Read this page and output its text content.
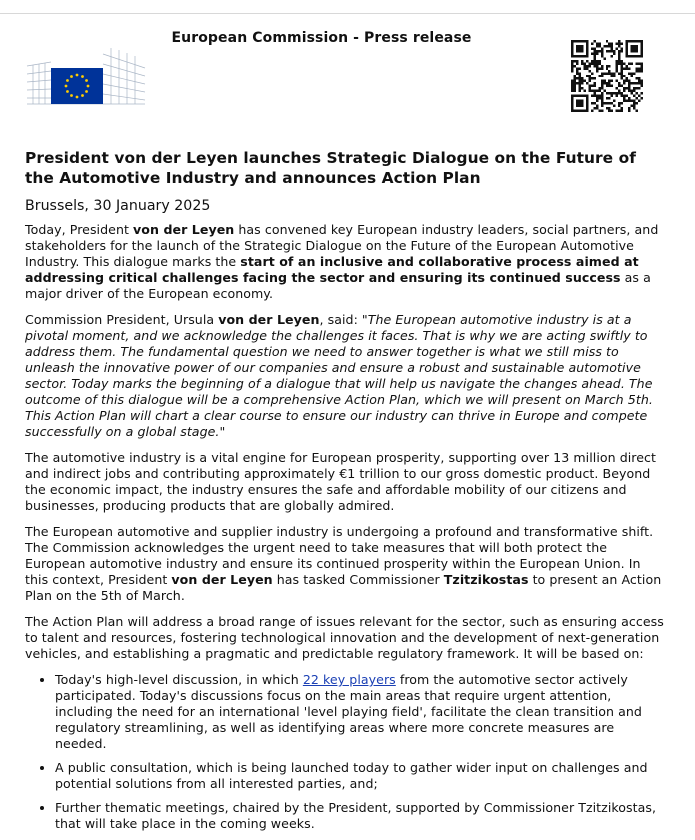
European Commission - Press release
President von der Leyen launches Strategic Dialogue on the Future of the Automotive Industry and announces Action Plan
Brussels, 30 January 2025

Today, President von der Leyen has convened key European industry leaders, social partners, and stakeholders for the launch of the Strategic Dialogue on the Future of the European Automotive Industry. This dialogue marks the start of an inclusive and collaborative process aimed at addressing critical challenges facing the sector and ensuring its continued success as a major driver of the European economy.

Commission President, Ursula von der Leyen, said: "The European automotive industry is at a pivotal moment, and we acknowledge the challenges it faces. That is why we are acting swiftly to address them. The fundamental question we need to answer together is what we still miss to unleash the innovative power of our companies and ensure a robust and sustainable automotive sector. Today marks the beginning of a dialogue that will help us navigate the changes ahead. The outcome of this dialogue will be a comprehensive Action Plan, which we will present on March 5th. This Action Plan will chart a clear course to ensure our industry can thrive in Europe and compete successfully on a global stage."

The automotive industry is a vital engine for European prosperity, supporting over 13 million direct and indirect jobs and contributing approximately €1 trillion to our gross domestic product. Beyond the economic impact, the industry ensures the safe and affordable mobility of our citizens and businesses, producing products that are globally admired.

The European automotive and supplier industry is undergoing a profound and transformative shift. The Commission acknowledges the urgent need to take measures that will both protect the European automotive industry and ensure its continued prosperity within the European Union. In this context, President von der Leyen has tasked Commissioner Tzitzikostas to present an Action Plan on the 5th of March.

The Action Plan will address a broad range of issues relevant for the sector, such as ensuring access to talent and resources, fostering technological innovation and the development of next-generation vehicles, and establishing a pragmatic and predictable regulatory framework. It will be based on:

• Today's high-level discussion, in which 22 key players from the automotive sector actively participated. Today's discussions focus on the main areas that require urgent attention, including the need for an international 'level playing field', facilitate the clean transition and regulatory streamlining, as well as identifying areas where more concrete measures are needed.
• A public consultation, which is being launched today to gather wider input on challenges and potential solutions from all interested parties, and;
• Further thematic meetings, chaired by the President, supported by Commissioner Tzitzikostas, that will take place in the coming weeks.
